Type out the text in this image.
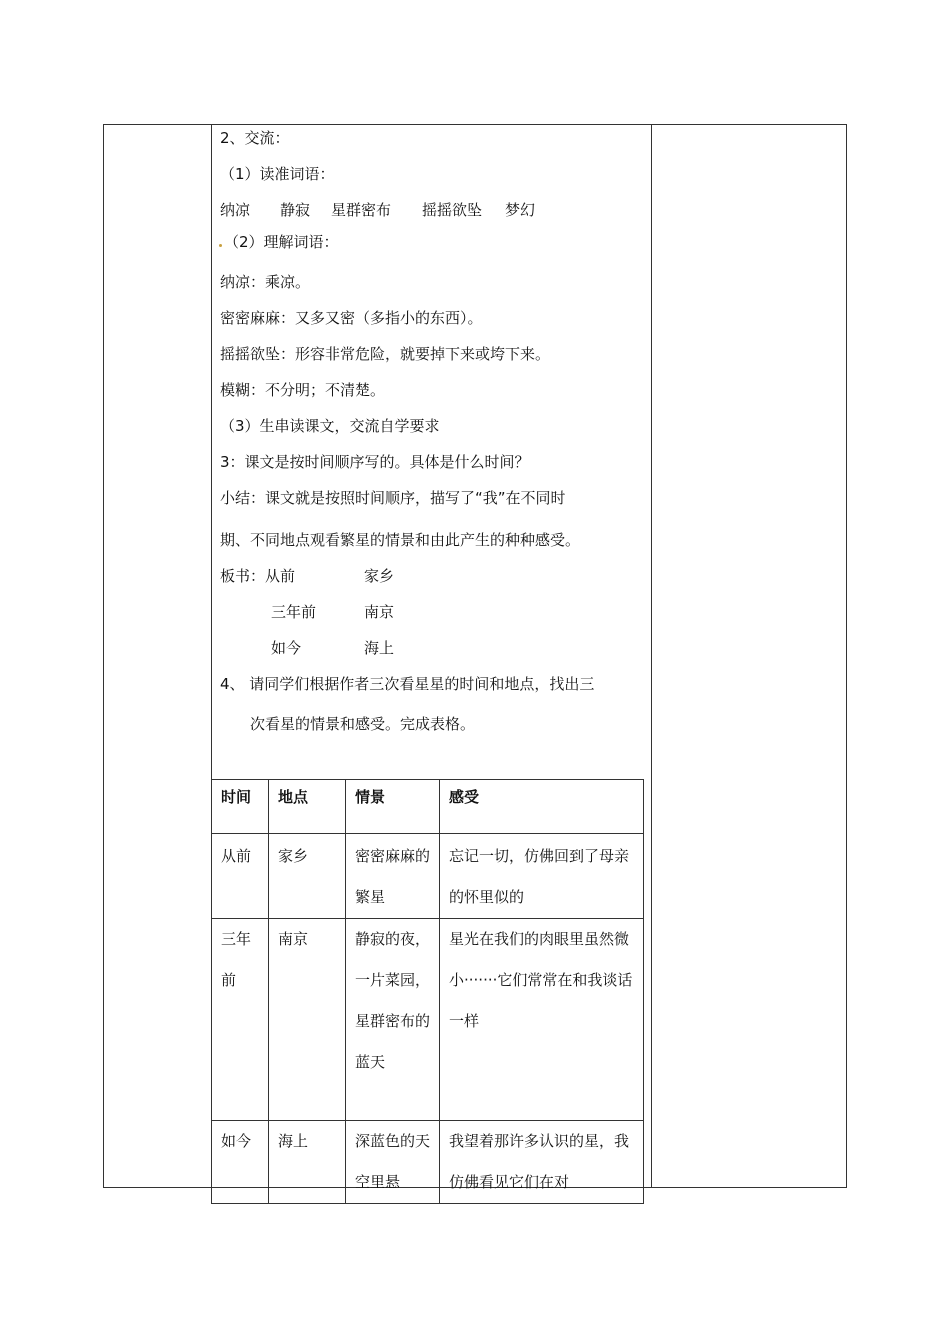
2、交流：
（1）读准词语：
纳凉 静寂 星群密布 摇摇欲坠 梦幻
（2）理解词语：
纳凉：乘凉。
密密麻麻：又多又密（多指小的东西）。
摇摇欲坠：形容非常危险，就要掉下来或垮下来。
模糊：不分明；不清楚。
（3）生串读课文，交流自学要求
3：课文是按时间顺序写的。具体是什么时间？
小结：课文就是按照时间顺序，描写了“我”在不同时
期、不同地点观看繁星的情景和由此产生的种种感受。
板书：从前	家乡
三年前	南京
如今	海上
4、 请同学们根据作者三次看星星的时间和地点，找出三
次看星的情景和感受。完成表格。
时间	地点	情景	感受

从前	家乡	密密麻麻的繁星	忘记一切，仿佛回到了母亲的怀里似的

三年前	南京	静寂的夜，一片菜园，星群密布的蓝天	星光在我们的肉眼里虽然微小·······它们常常在和我谈话一样

如今	海上	深蓝色的天空里悬	我望着那许多认识的星，我仿佛看见它们在对
